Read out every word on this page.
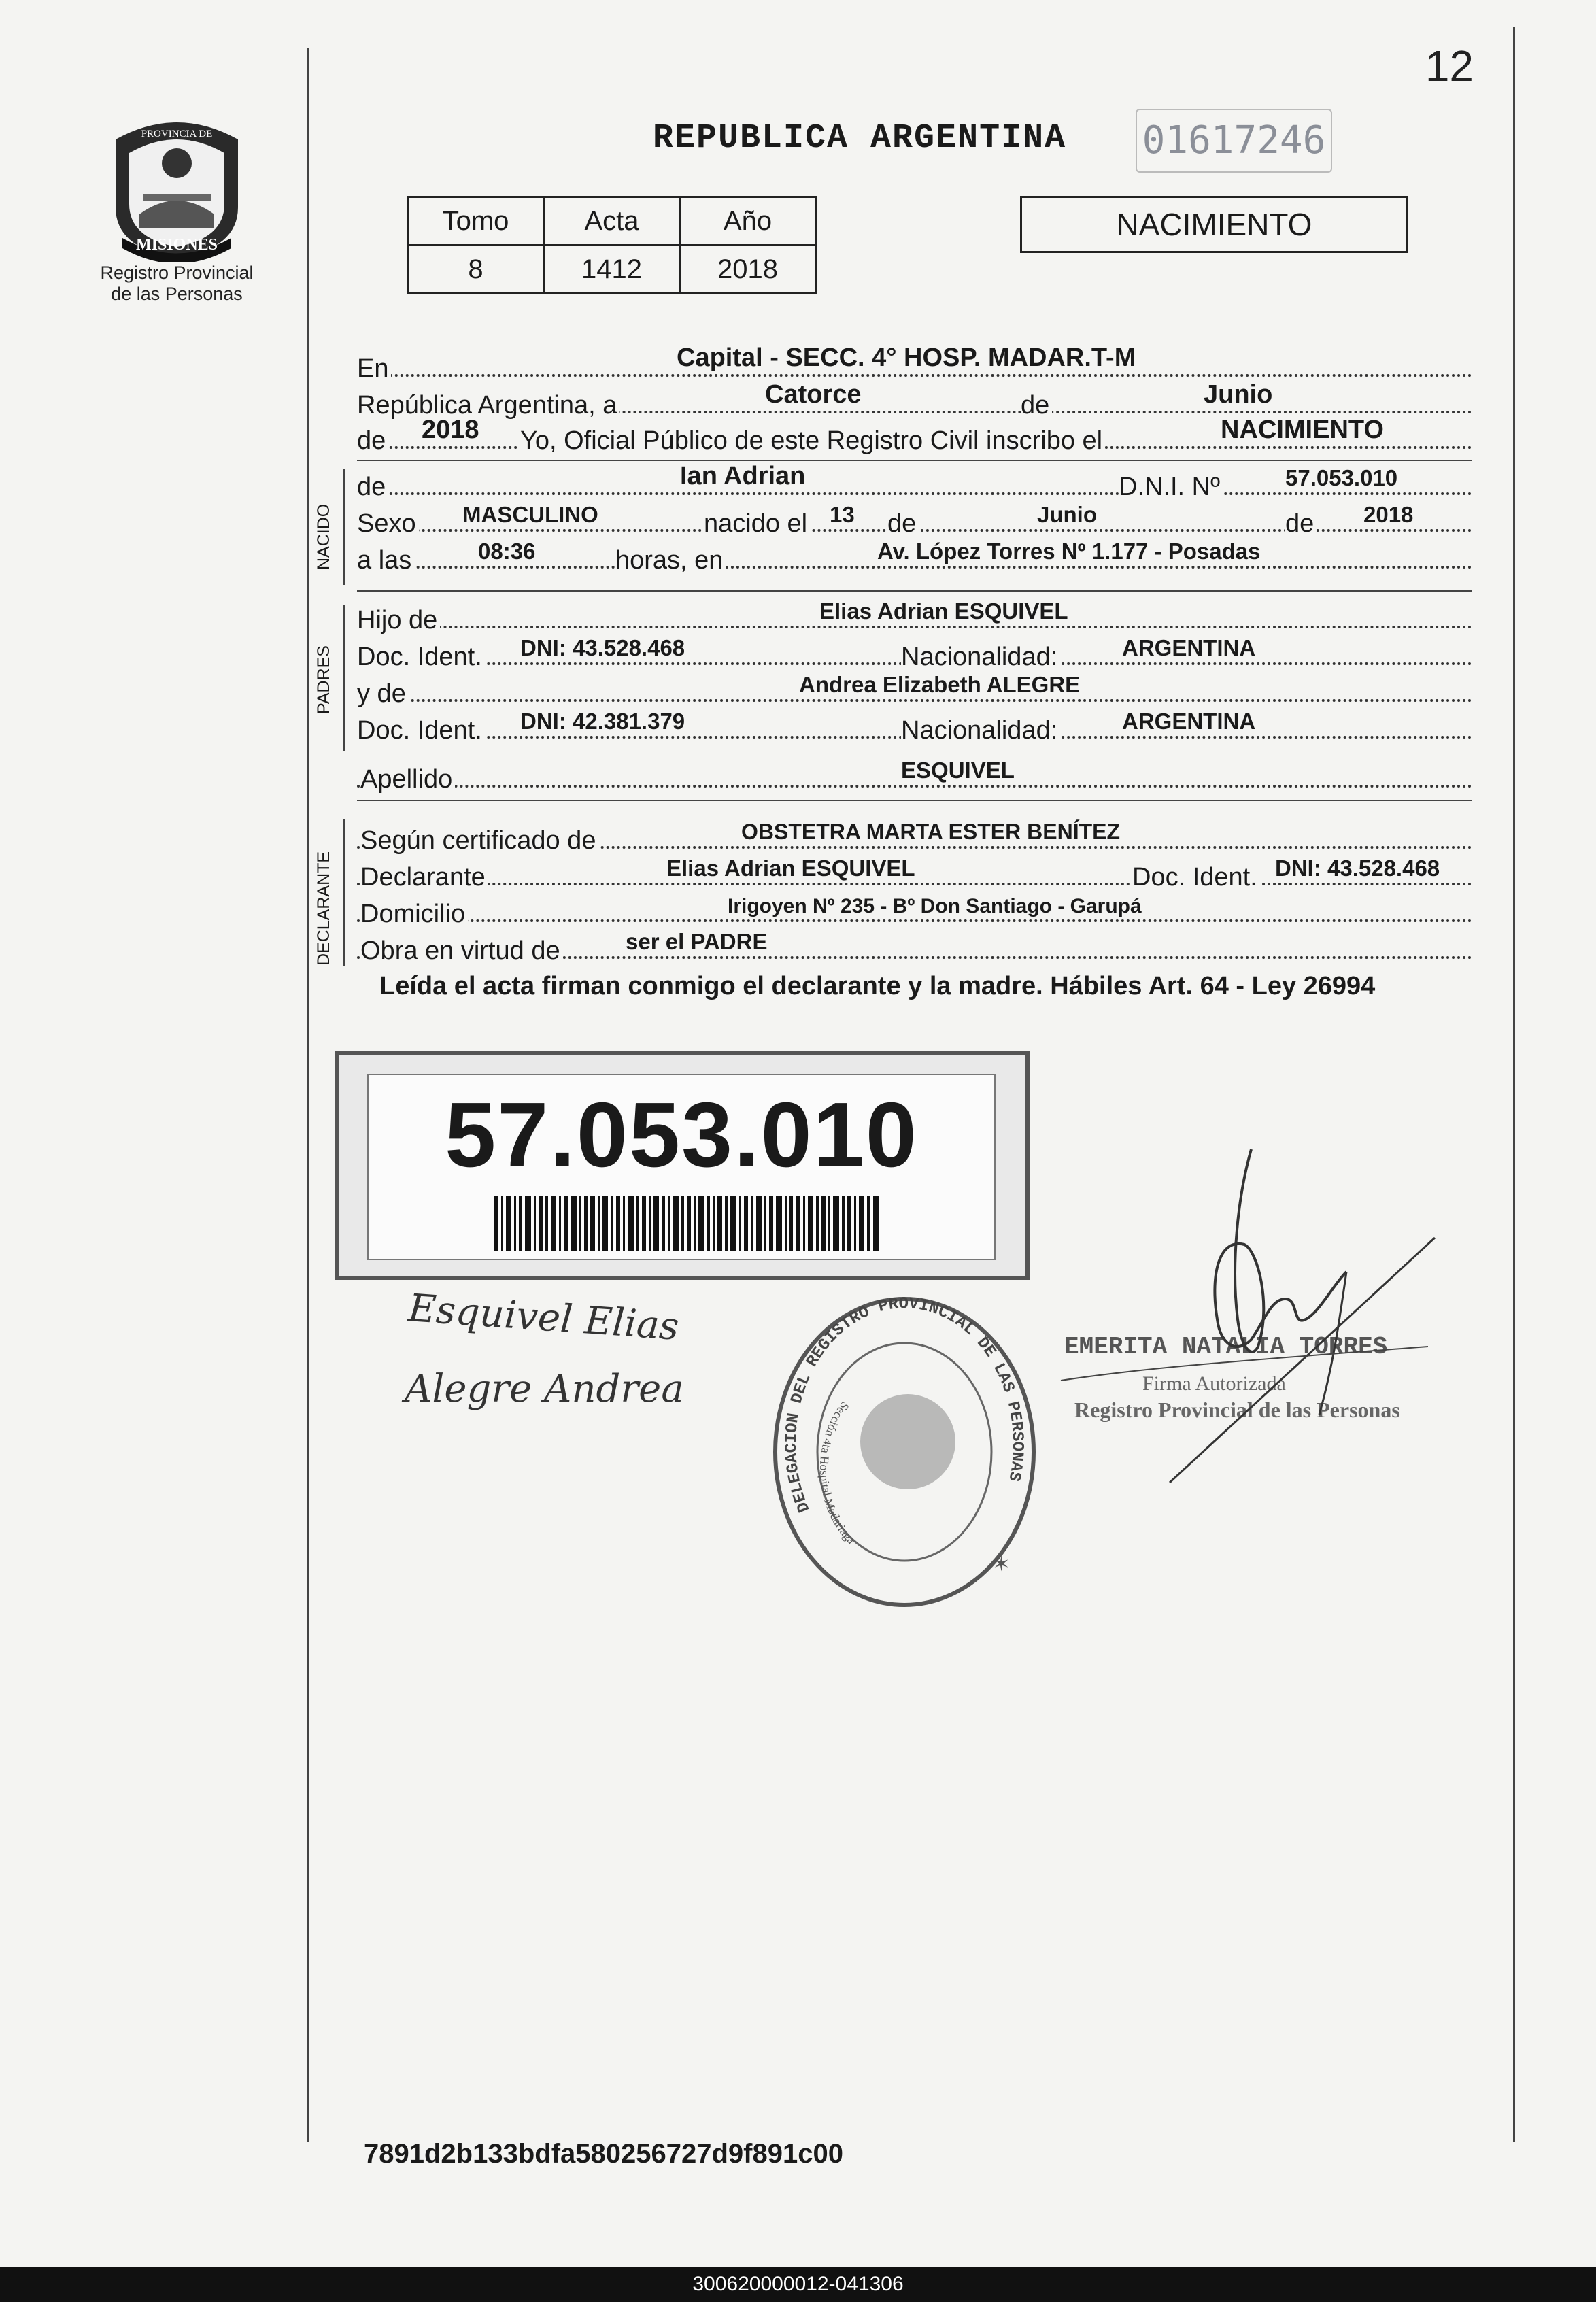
PROVINCIA DE
MISIONES
Registro Provincial
de las Personas
12
REPUBLICA ARGENTINA 01617246
Tomo	Acta	Año
8	1412	2018
NACIMIENTO
En	Capital - SECC. 4° HOSP. MADAR.T-M
República Argentina, a	Catorce	de	Junio
de 2018 Yo, Oficial Público de este Registro Civil inscribo el	NACIMIENTO
NACIDO
de	Ian Adrian	D.N.I. Nº	57.053.010
Sexo MASCULINO	nacido el 13 de	Junio	de 2018
a las	08:36	horas, en	Av. López Torres Nº 1.177 - Posadas
PADRES
Hijo de	Elias Adrian ESQUIVEL
Doc. Ident. DNI: 43.528.468	Nacionalidad:	ARGENTINA
y de	Andrea Elizabeth ALEGRE
Doc. Ident. DNI: 42.381.379	Nacionalidad:	ARGENTINA
Apellido	ESQUIVEL
DECLARANTE
Según certificado de	OBSTETRA MARTA ESTER BENÍTEZ
Declarante	Elias Adrian ESQUIVEL	Doc. Ident. DNI: 43.528.468
Domicilio	Irigoyen Nº 235 - Bº Don Santiago - Garupá
Obra en virtud de	ser el PADRE
Leída el acta firman conmigo el declarante y la madre. Hábiles Art. 64 - Ley 26994
57.053.010
Esquivel Elias
Alegre Andrea
✶
DELEGACION DEL REGISTRO PROVINCIAL DE LAS PERSONAS
Sección 4ta Hospital Madariaga
EMERITA NATALIA TORRES
Firma Autorizada
Registro Provincial de las Personas
7891d2b133bdfa580256727d9f891c00
300620000012-041306
